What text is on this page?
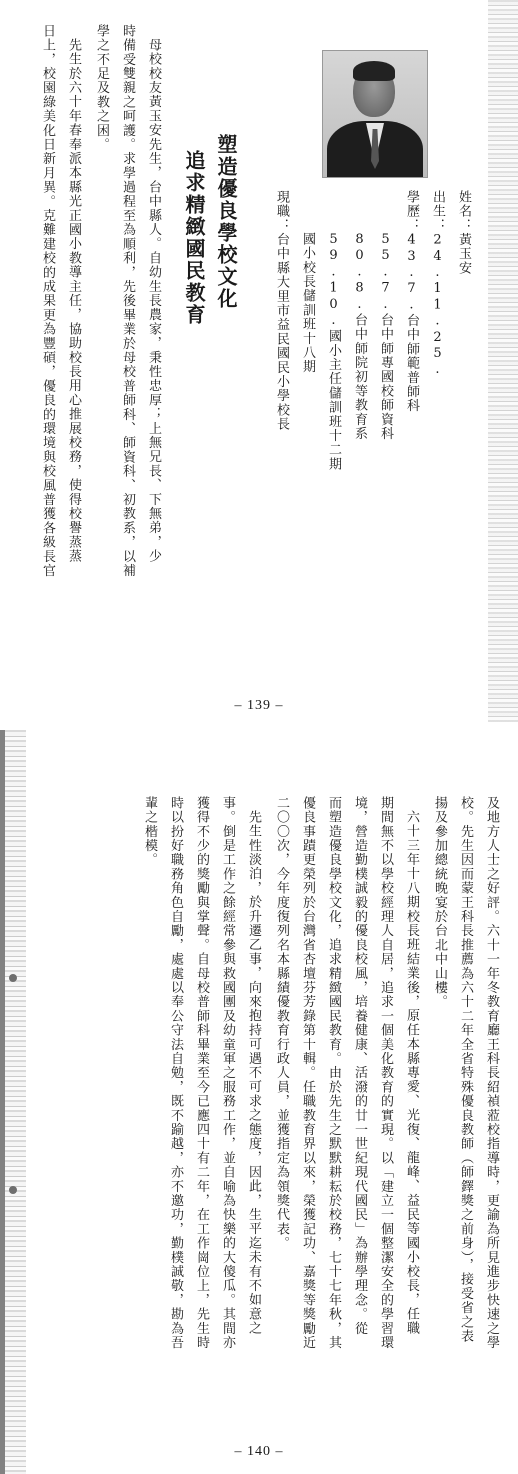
姓名：黃玉安
出生：24.11.25.
學歷：43.7.台中師範普師科
55.7.台中師專國校師資科
80.8.台中師院初等教育系
59.10.國小主任儲訓班十二期
國小校長儲訓班十八期
現職：台中縣大里市益民國民小學校長
塑造優良學校文化
追求精緻國民教育
母校校友黃玉安先生，台中縣人。自幼生長農家，秉性忠厚；上無兄長、下無弟，少
時備受雙親之呵護。求學過程至為順利，先後畢業於母校普師科、師資科、初教系，以補
學之不足及教之困。
先生於六十年春奉派本縣光正國小教導主任，協助校長用心推展校務，使得校譽蒸蒸
日上，校園綠美化日新月異。克難建校的成果更為豐碩，優良的環境與校風普獲各級長官
– 139 –
及地方人士之好評。六十一年冬教育廳王科長紹禎蒞校指導時，更諭為所見進步快速之學
校。先生因而蒙王科長推薦為六十二年全省特殊優良教師（師鐸獎之前身），接受省之表
揚及參加總統晚宴於台北中山樓。
六十三年十八期校長班結業後，原任本縣專愛、光復、龍峰、益民等國小校長，任職
期間無不以學校經理人自居，追求一個美化教育的實現。以「建立一個整潔安全的學習環
境，營造勤樸誠毅的優良校風，培養健康、活潑的廿一世紀現代國民」為辦學理念。從
而塑造優良學校文化，追求精緻國民教育。由於先生之默默耕耘於校務，七十七年秋，其
優良事蹟更榮列於台灣省杏壇芬芳錄第十輯。任職教育界以來，榮獲記功、嘉獎等獎勵近
二〇〇次，今年度復列名本縣績優教育行政人員，並獲指定為領獎代表。
先生性淡泊，於升遷乙事，向來抱持可遇不可求之態度，因此，生平迄未有不如意之
事。倒是工作之餘經常參與救國團及幼童軍之服務工作，並自喻為快樂的大傻瓜。其間亦
獲得不少的獎勵與掌聲。自母校普師科畢業至今已應四十有二年，在工作崗位上，先生時
時以扮好職務角色自勵，處處以奉公守法自勉，既不踰越，亦不邀功，勤樸誠敬，勘為吾
輩之楷模。
– 140 –
